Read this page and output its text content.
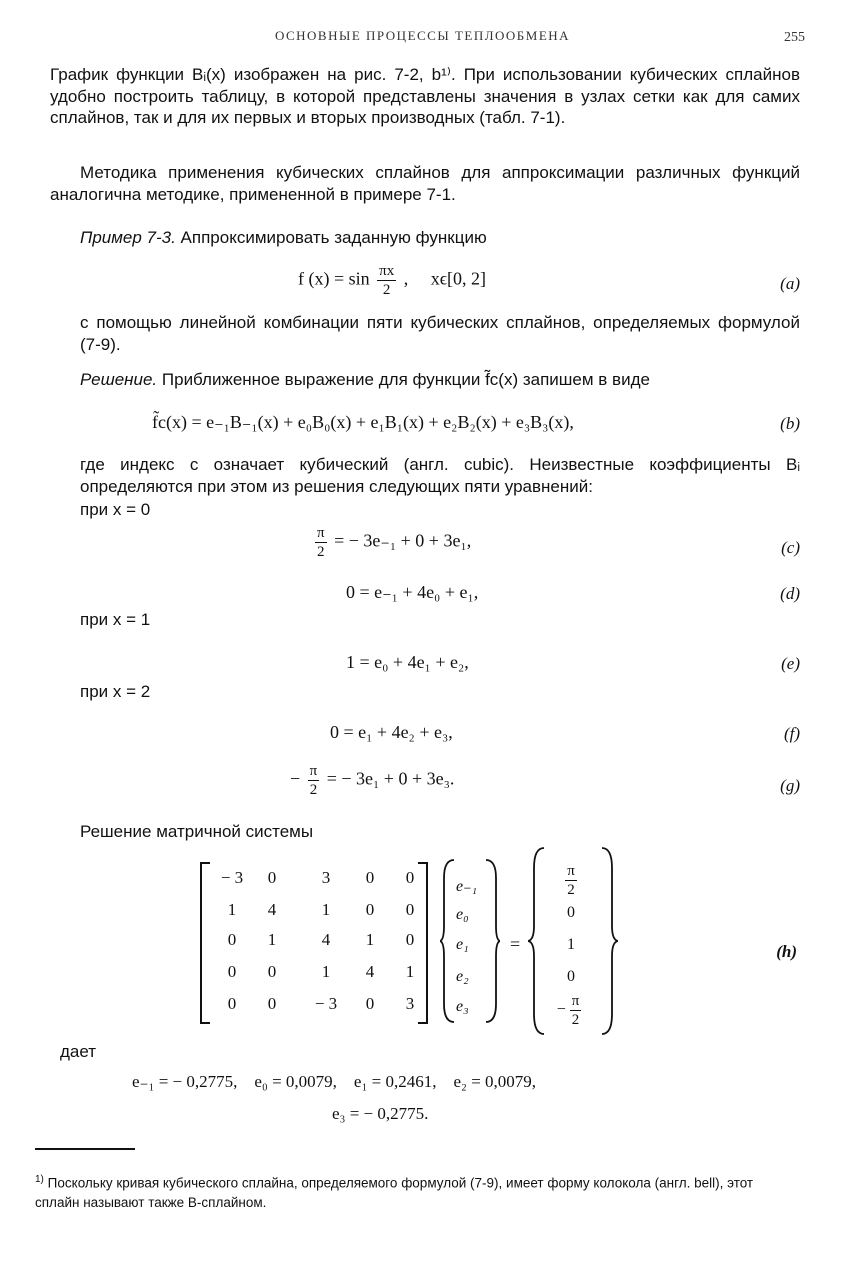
ОСНОВНЫЕ ПРОЦЕССЫ ТЕПЛООБМЕНА	255
График функции Bᵢ(x) изображен на рис. 7-2, b¹⁾. При использовании кубических сплайнов удобно построить таблицу, в которой представлены значения в узлах сетки как для самих сплайнов, так и для их первых и вторых производных (табл. 7-1).
Методика применения кубических сплайнов для аппроксимации различных функций аналогична методике, примененной в примере 7-1.
Пример 7-3. Аппроксимировать заданную функцию
f $(x) = \sin \frac{\pi x}{2}$ ,     xϵ[0, 2]	(a)
с помощью линейной комбинации пяти кубических сплайнов, определяемых формулой (7-9).
Решение. Приближенное выражение для функции f̃c(x) запишем в виде
f̃c(x) = e₋₁B₋₁(x) + e₀B₀(x) + e₁B₁(x) + e₂B₂(x) + e₃B₃(x),	(b)
где индекс c означает кубический (англ. cubic). Неизвестные коэффициенты Bᵢ определяются при этом из решения следующих пяти уравнений:
при x = 0
$\frac{\pi}{2}$ = − 3e₋₁ + 0 + 3e₁,	(c)
0 = e₋₁ + 4e₀ + e₁,	(d)
при x = 1
1 = e₀ + 4e₁ + e₂,	(e)
при x = 2
0 = e₁ + 4e₂ + e₃,	(f)
− $\frac{\pi}{2}$ = − 3e₁ + 0 + 3e₃.	(g)
Решение матричной системы
− 3	0	3	0	0
1	4	1	0	0
0	1	4	1	0
0	0	1	4	1
0	0	− 3	0	3
e₋₁
e₀
e₁
e₂
e₃
=
$\frac{\pi}{2}$
0
1
0
− $\frac{\pi}{2}$
(h)
дает
e₋₁ = − 0,2775,    e₀ = 0,0079,    e₁ = 0,2461,    e₂ = 0,0079,
e₃ = − 0,2775.
$^{1)}$ Поскольку кривая кубического сплайна, определяемого формулой (7-9), имеет форму колокола (англ. bell), этот сплайн называют также B-сплайном.
